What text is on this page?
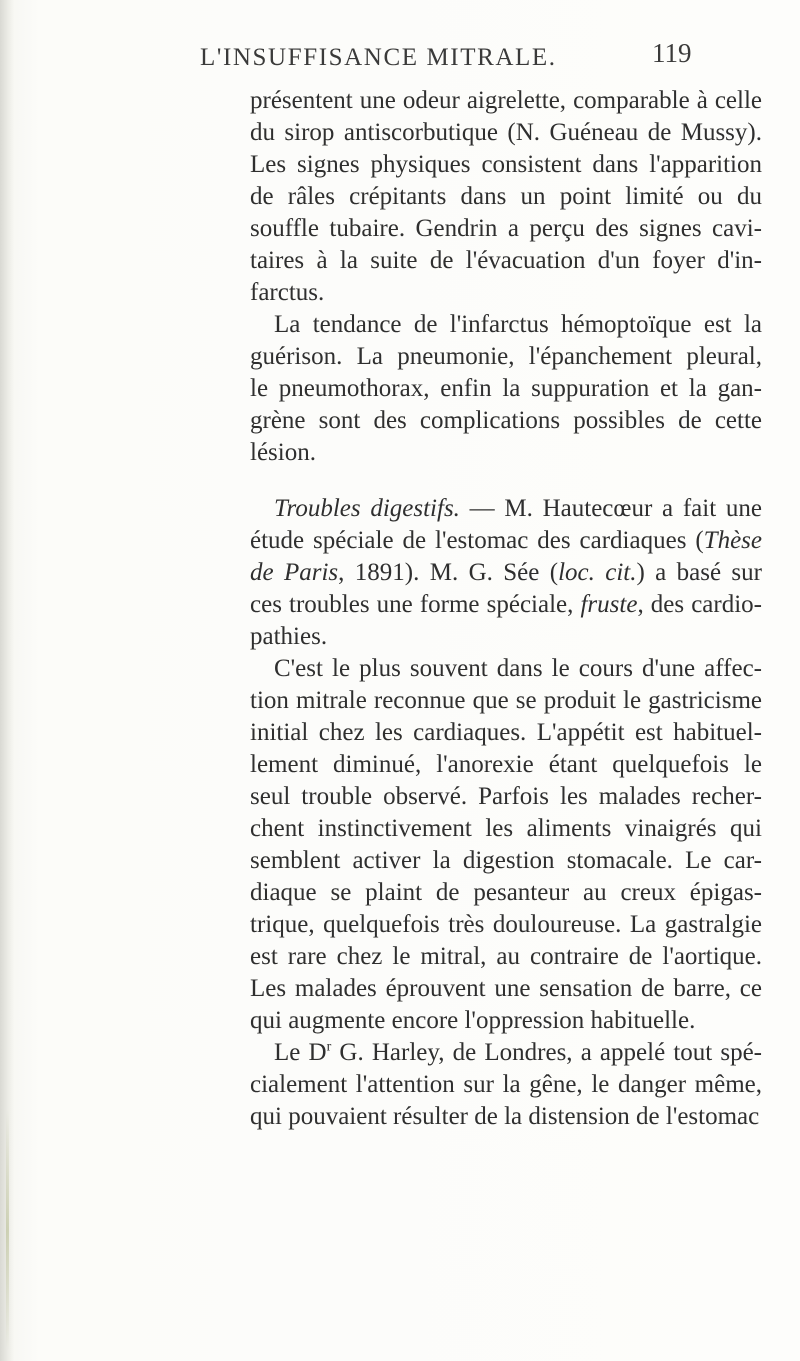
L'INSUFFISANCE MITRALE.	119
présentent une odeur aigrelette, comparable à celle
du sirop antiscorbutique (N. Guéneau de Mussy).
Les signes physiques consistent dans l'apparition
de râles crépitants dans un point limité ou du
souffle tubaire. Gendrin a perçu des signes cavi-
taires à la suite de l'évacuation d'un foyer d'in-
farctus.
La tendance de l'infarctus hémoptoïque est la
guérison. La pneumonie, l'épanchement pleural,
le pneumothorax, enfin la suppuration et la gan-
grène sont des complications possibles de cette
lésion.
Troubles digestifs. — M. Hautecœur a fait une
étude spéciale de l'estomac des cardiaques (Thèse
de Paris, 1891). M. G. Sée (loc. cit.) a basé sur
ces troubles une forme spéciale, fruste, des cardio-
pathies.
C'est le plus souvent dans le cours d'une affec-
tion mitrale reconnue que se produit le gastricisme
initial chez les cardiaques. L'appétit est habituel-
lement diminué, l'anorexie étant quelquefois le
seul trouble observé. Parfois les malades recher-
chent instinctivement les aliments vinaigrés qui
semblent activer la digestion stomacale. Le car-
diaque se plaint de pesanteur au creux épigas-
trique, quelquefois très douloureuse. La gastralgie
est rare chez le mitral, au contraire de l'aortique.
Les malades éprouvent une sensation de barre, ce
qui augmente encore l'oppression habituelle.
Le $D^r$ G. Harley, de Londres, a appelé tout spé-
cialement l'attention sur la gêne, le danger même,
qui pouvaient résulter de la distension de l'estomac
